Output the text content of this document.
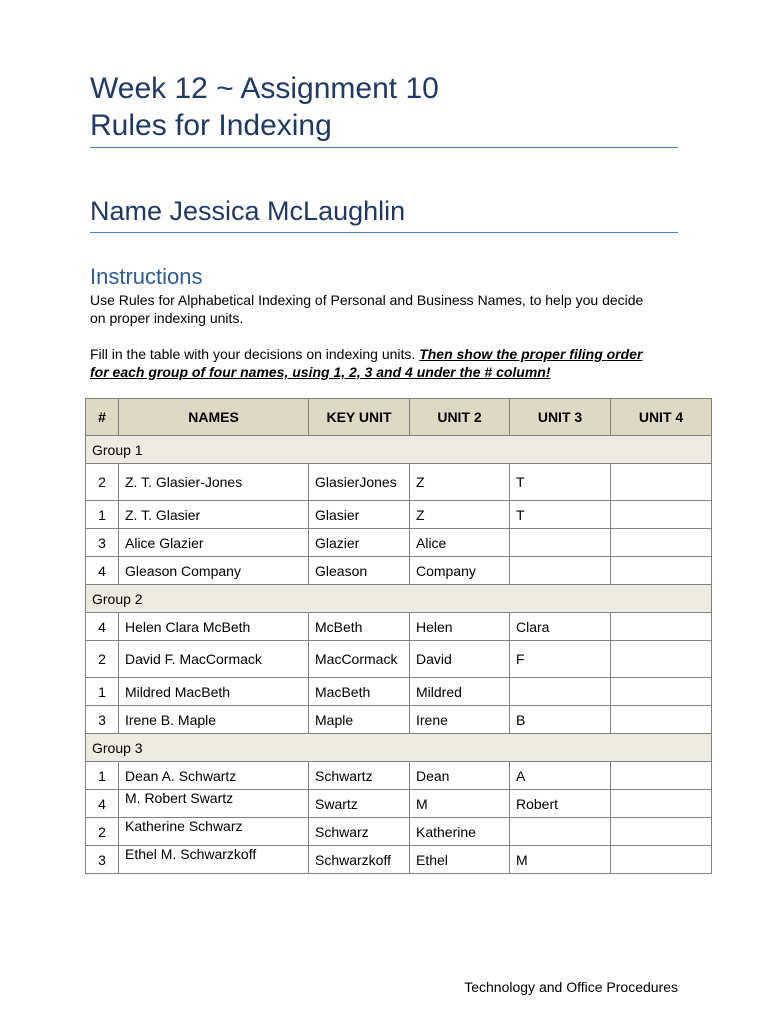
Week 12 ~ Assignment 10
Rules for Indexing
Name Jessica McLaughlin
Instructions

Use Rules for Alphabetical Indexing of Personal and Business Names, to help you decide on proper indexing units.

Fill in the table with your decisions on indexing units. Then show the proper filing order for each group of four names, using 1, 2, 3 and 4 under the # column!

#	NAMES	KEY UNIT	UNIT 2	UNIT 3	UNIT 4
Group 1					
2	Z. T. Glasier-Jones	GlasierJones	Z	T	
1	Z. T. Glasier	Glasier	Z	T	
3	Alice Glazier	Glazier	Alice		
4	Gleason Company	Gleason	Company		
Group 2					
4	Helen Clara McBeth	McBeth	Helen	Clara	
2	David F. MacCormack	MacCormack	David	F	
1	Mildred MacBeth	MacBeth	Mildred		
3	Irene B. Maple	Maple	Irene	B	
Group 3					
1	Dean A. Schwartz	Schwartz	Dean	A	
4	M. Robert Swartz	Swartz	M	Robert	
2	Katherine Schwarz	Schwarz	Katherine		
3	Ethel M. Schwarzkoff	Schwarzkoff	Ethel	M	

Technology and Office Procedures
